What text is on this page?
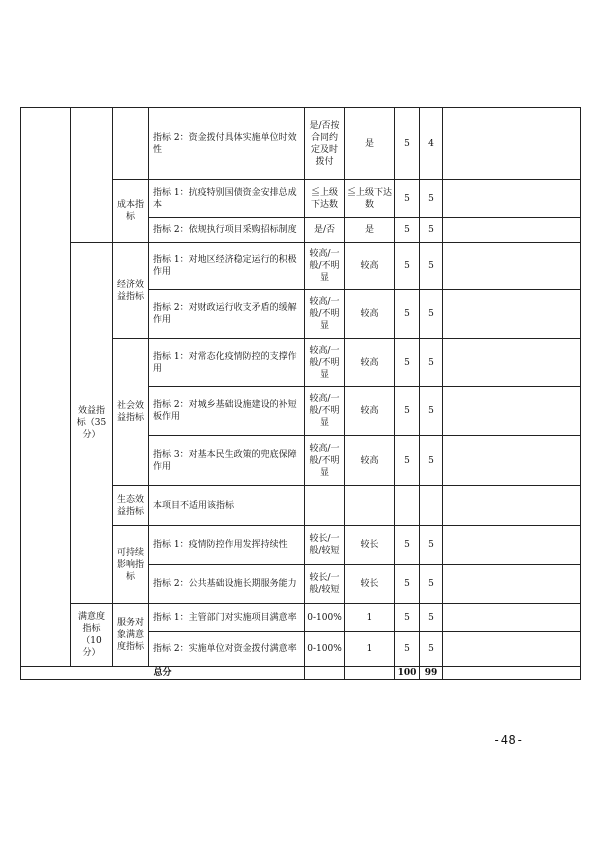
			指标 2：资金拨付具体实施单位时效性	是/否按合同约定及时拨付	是	5	4	
		成本指标	指标 1：抗疫特别国债资金安排总成本	≦上级下达数	≦上级下达数	5	5	
			指标 2：依规执行项目采购招标制度	是/否	是	5	5	
	效益指标（35分）	经济效益指标	指标 1：对地区经济稳定运行的积极作用	较高/一般/不明显	较高	5	5	
			指标 2：对财政运行收支矛盾的缓解作用	较高/一般/不明显	较高	5	5	
		社会效益指标	指标 1：对常态化疫情防控的支撑作用	较高/一般/不明显	较高	5	5	
			指标 2：对城乡基础设施建设的补短板作用	较高/一般/不明显	较高	5	5	
			指标 3：对基本民生政策的兜底保障作用	较高/一般/不明显	较高	5	5	
		生态效益指标	本项目不适用该指标					
		可持续影响指标	指标 1：疫情防控作用发挥持续性	较长/一般/较短	较长	5	5	
			指标 2：公共基础设施长期服务能力	较长/一般/较短	较长	5	5	
	满意度指标（10分）	服务对象满意度指标	指标 1：主管部门对实施项目满意率	0-100%	1	5	5	
			指标 2：实施单位对资金拨付满意率	0-100%	1	5	5	
总分						100	99	
-48-
